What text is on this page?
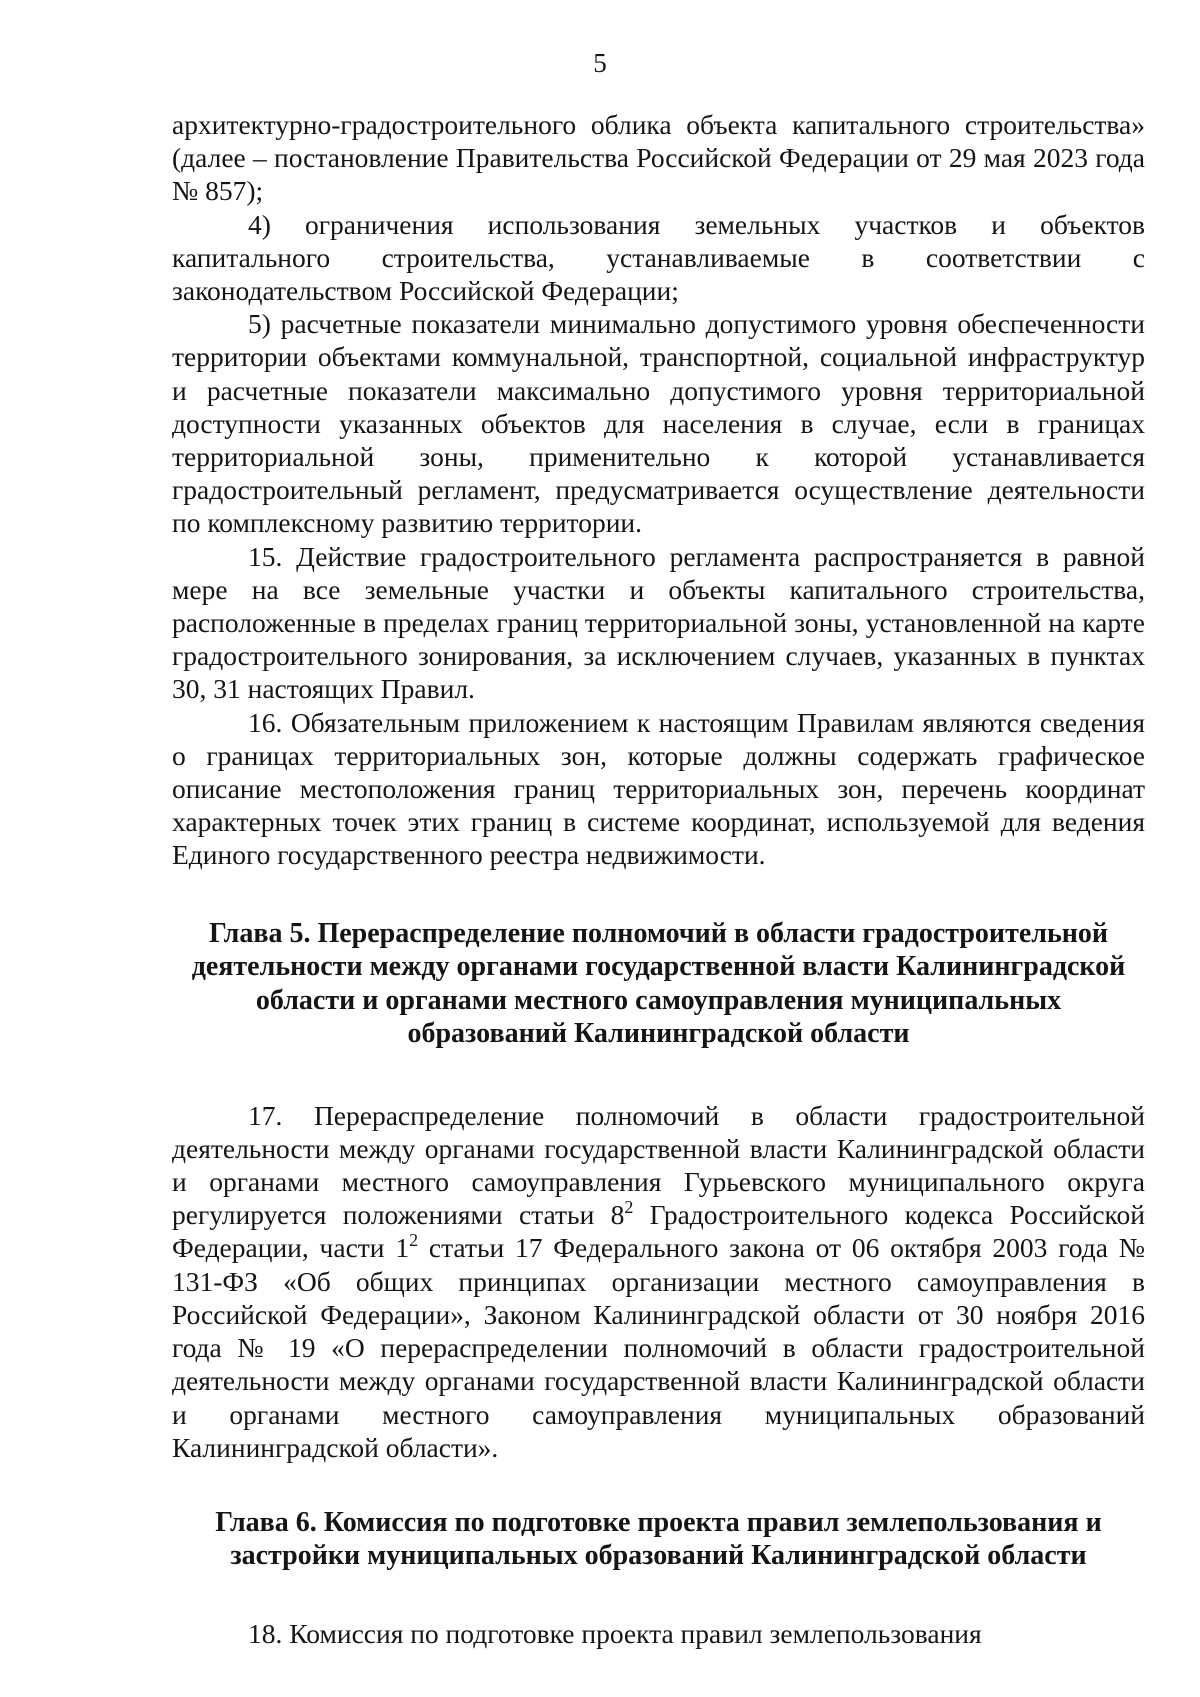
5

архитектурно-градостроительного облика объекта капитального строительства» (далее – постановление Правительства Российской Федерации от 29 мая 2023 года № 857);

4) ограничения использования земельных участков и объектов капитального строительства, устанавливаемые в соответствии с законодательством Российской Федерации;

5) расчетные показатели минимально допустимого уровня обеспеченности территории объектами коммунальной, транспортной, социальной инфраструктур и расчетные показатели максимально допустимого уровня территориальной доступности указанных объектов для населения в случае, если в границах территориальной зоны, применительно к которой устанавливается градостроительный регламент, предусматривается осуществление деятельности по комплексному развитию территории.

15. Действие градостроительного регламента распространяется в равной мере на все земельные участки и объекты капитального строительства, расположенные в пределах границ территориальной зоны, установленной на карте градостроительного зонирования, за исключением случаев, указанных в пунктах 30, 31 настоящих Правил.

16. Обязательным приложением к настоящим Правилам являются сведения о границах территориальных зон, которые должны содержать графическое описание местоположения границ территориальных зон, перечень координат характерных точек этих границ в системе координат, используемой для ведения Единого государственного реестра недвижимости.

Глава 5. Перераспределение полномочий в области градостроительной деятельности между органами государственной власти Калининградской области и органами местного самоуправления муниципальных образований Калининградской области

17. Перераспределение полномочий в области градостроительной деятельности между органами государственной власти Калининградской области и органами местного самоуправления Гурьевского муниципального округа регулируется положениями статьи $8^2$ Градостроительного кодекса Российской Федерации, части $1^2$ статьи 17 Федерального закона от 06 октября 2003 года № 131-ФЗ «Об общих принципах организации местного самоуправления в Российской Федерации», Законом Калининградской области от 30 ноября 2016 года № 19 «О перераспределении полномочий в области градостроительной деятельности между органами государственной власти Калининградской области и органами местного самоуправления муниципальных образований Калининградской области».

Глава 6. Комиссия по подготовке проекта правил землепользования и застройки муниципальных образований Калининградской области

18. Комиссия по подготовке проекта правил землепользования
